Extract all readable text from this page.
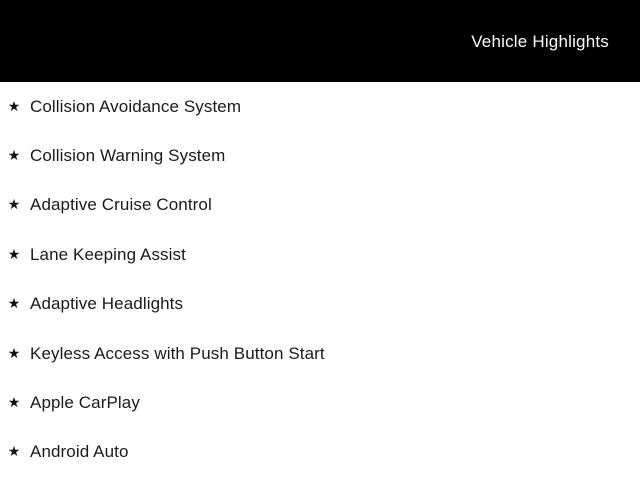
Vehicle Highlights
★ Collision Avoidance System
★ Collision Warning System
★ Adaptive Cruise Control
★ Lane Keeping Assist
★ Adaptive Headlights
★ Keyless Access with Push Button Start
★ Apple CarPlay
★ Android Auto
